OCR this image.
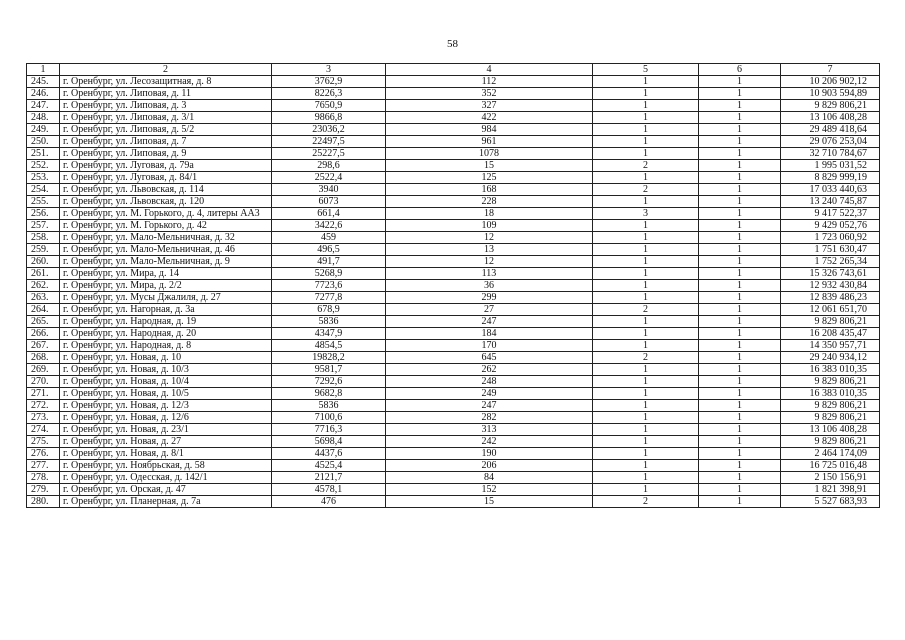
58
1	2	3	4	5	6	7
245.	г. Оренбург, ул. Лесозащитная, д. 8	3762,9	112	1	1	10 206 902,12
246.	г. Оренбург, ул. Липовая, д. 11	8226,3	352	1	1	10 903 594,89
247.	г. Оренбург, ул. Липовая, д. 3	7650,9	327	1	1	9 829 806,21
248.	г. Оренбург, ул. Липовая, д. 3/1	9866,8	422	1	1	13 106 408,28
249.	г. Оренбург, ул. Липовая, д. 5/2	23036,2	984	1	1	29 489 418,64
250.	г. Оренбург, ул. Липовая, д. 7	22497,5	961	1	1	29 076 253,04
251.	г. Оренбург, ул. Липовая, д. 9	25227,5	1078	1	1	32 710 784,67
252.	г. Оренбург, ул. Луговая, д. 79а	298,6	15	2	1	1 995 031,52
253.	г. Оренбург, ул. Луговая, д. 84/1	2522,4	125	1	1	8 829 999,19
254.	г. Оренбург, ул. Львовская, д. 114	3940	168	2	1	17 033 440,63
255.	г. Оренбург, ул. Львовская, д. 120	6073	228	1	1	13 240 745,87
256.	г. Оренбург, ул. М. Горького, д. 4, литеры АА3	661,4	18	3	1	9 417 522,37
257.	г. Оренбург, ул. М. Горького, д. 42	3422,6	109	1	1	9 429 052,76
258.	г. Оренбург, ул. Мало-Мельничная, д. 32	459	12	1	1	1 723 060,92
259.	г. Оренбург, ул. Мало-Мельничная, д. 46	496,5	13	1	1	1 751 630,47
260.	г. Оренбург, ул. Мало-Мельничная, д. 9	491,7	12	1	1	1 752 265,34
261.	г. Оренбург, ул. Мира, д. 14	5268,9	113	1	1	15 326 743,61
262.	г. Оренбург, ул. Мира, д. 2/2	7723,6	36	1	1	12 932 430,84
263.	г. Оренбург, ул. Мусы Джалиля, д. 27	7277,8	299	1	1	12 839 486,23
264.	г. Оренбург, ул. Нагорная, д. 3а	678,9	27	2	1	12 061 651,70
265.	г. Оренбург, ул. Народная, д. 19	5836	247	1	1	9 829 806,21
266.	г. Оренбург, ул. Народная, д. 20	4347,9	184	1	1	16 208 435,47
267.	г. Оренбург, ул. Народная, д. 8	4854,5	170	1	1	14 350 957,71
268.	г. Оренбург, ул. Новая, д. 10	19828,2	645	2	1	29 240 934,12
269.	г. Оренбург, ул. Новая, д. 10/3	9581,7	262	1	1	16 383 010,35
270.	г. Оренбург, ул. Новая, д. 10/4	7292,6	248	1	1	9 829 806,21
271.	г. Оренбург, ул. Новая, д. 10/5	9682,8	249	1	1	16 383 010,35
272.	г. Оренбург, ул. Новая, д. 12/3	5836	247	1	1	9 829 806,21
273.	г. Оренбург, ул. Новая, д. 12/6	7100,6	282	1	1	9 829 806,21
274.	г. Оренбург, ул. Новая, д. 23/1	7716,3	313	1	1	13 106 408,28
275.	г. Оренбург, ул. Новая, д. 27	5698,4	242	1	1	9 829 806,21
276.	г. Оренбург, ул. Новая, д. 8/1	4437,6	190	1	1	2 464 174,09
277.	г. Оренбург, ул. Ноябрьская, д. 58	4525,4	206	1	1	16 725 016,48
278.	г. Оренбург, ул. Одесская, д. 142/1	2121,7	84	1	1	2 150 156,91
279.	г. Оренбург, ул. Орская, д. 47	4578,1	152	1	1	1 821 398,91
280.	г. Оренбург, ул. Планерная, д. 7а	476	15	2	1	5 527 683,93
